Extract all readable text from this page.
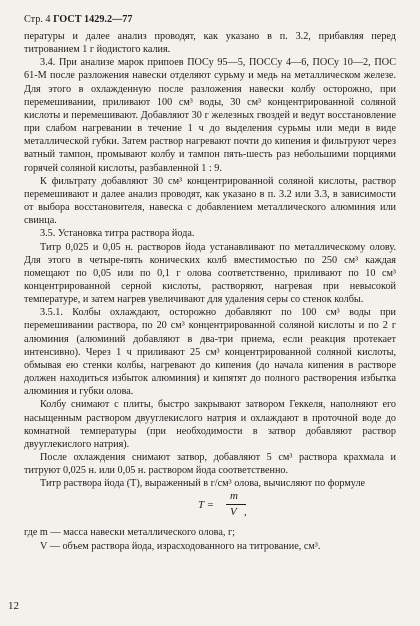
Стр. 4 ГОСТ 1429.2—77

пературы и далее анализ проводят, как указано в п. 3.2, прибавляя перед титрованием 1 г йодистого калия.

3.4. При анализе марок припоев ПОСу 95—5, ПОССу 4—6, ПОСу 10—2, ПОС 61-М после разложения навески отделяют сурьму и медь на металлическом железе. Для этого в охлажденную после разложения навески колбу осторожно, при перемешивании, приливают 100 см³ воды, 30 см³ концентрированной соляной кислоты и перемешивают. Добавляют 30 г железных гвоздей и ведут восстановление при слабом нагревании в течение 1 ч до выделения сурьмы или меди в виде металлической губки. Затем раствор нагревают почти до кипения и фильтруют через ватный тампон, промывают колбу и тампон пять-шесть раз небольшими порциями горячей соляной кислоты, разбавленной 1 : 9.

К фильтрату добавляют 30 см³ концентрированной соляной кислоты, раствор перемешивают и далее анализ проводят, как указано в п. 3.2 или 3.3, в зависимости от выбора восстановителя, навеска с добавлением металлического алюминия или свинца.

3.5. Установка титра раствора йода.

Титр 0,025 и 0,05 н. растворов йода устанавливают по металлическому олову. Для этого в четыре-пять конических колб вместимостью по 250 см³ каждая помещают по 0,05 или по 0,1 г олова соответственно, приливают по 10 см³ концентрированной серной кислоты, растворяют, нагревая при невысокой температуре, и затем нагрев увеличивают для удаления серы со стенок колбы.

3.5.1. Колбы охлаждают, осторожно добавляют по 100 см³ воды при перемешивании раствора, по 20 см³ концентрированной соляной кислоты и по 2 г алюминия (алюминий добавляют в два-три приема, если реакция протекает интенсивно). Через 1 ч приливают 25 см³ концентрированной соляной кислоты, обмывая ею стенки колбы, нагревают до кипения (до начала кипения в растворе должен находиться избыток алюминия) и кипятят до полного растворения избытка алюминия и губки олова.

Колбу снимают с плиты, быстро закрывают затвором Геккеля, наполняют его насыщенным раствором двууглекислого натрия и охлаждают в проточной воде до комнатной температуры (при необходимости в затвор добавляют раствор двууглекислого натрия).

После охлаждения снимают затвор, добавляют 5 см³ раствора крахмала и титруют 0,025 н. или 0,05 н. раствором йода соответственно.

Титр раствора йода (T), выраженный в г/см³ олова, вычисляют по формуле

T =
m
V ,

где m — масса навески металлического олова, г;

V — объем раствора йода, израсходованного на титрование, см³.

12
